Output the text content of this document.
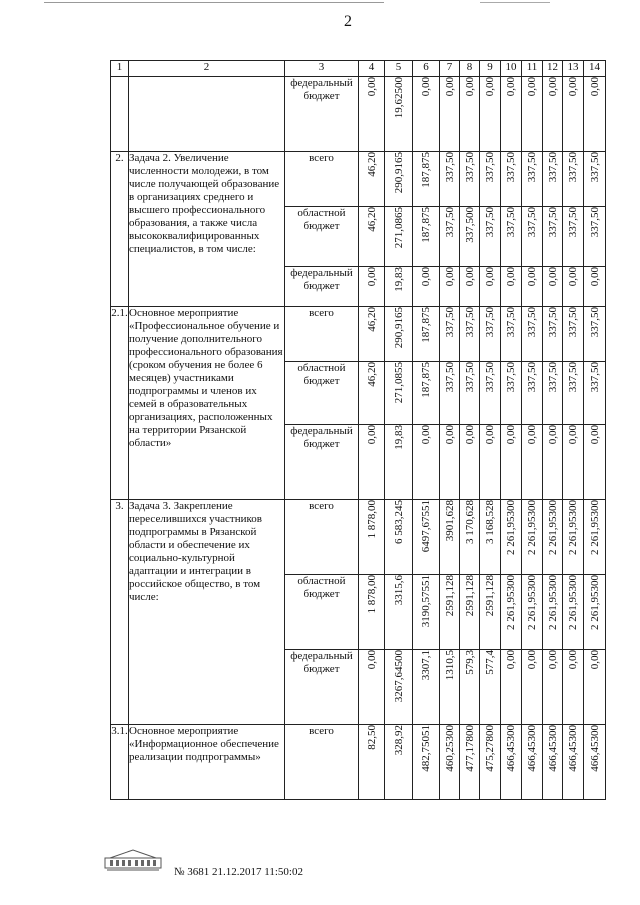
2
1	2	3	4	5	6	7	8	9	10	11	12	13	14
		федеральный бюджет	0,00	19,62500	0,00	0,00	0,00	0,00	0,00	0,00	0,00	0,00	0,00
2.	Задача 2. Увеличение численности молодежи, в том числе получающей образование в организациях среднего и высшего профессионального образования, а также числа высококвалифицированных специалистов, в том числе:	всего	46,20	290,9165	187,875	337,50	337,50	337,50	337,50	337,50	337,50	337,50	337,50
		областной бюджет	46,20	271,0865	187,875	337,50	337,500	337,50	337,50	337,50	337,50	337,50	337,50
		федеральный бюджет	0,00	19,83	0,00	0,00	0,00	0,00	0,00	0,00	0,00	0,00	0,00
2.1.	Основное мероприятие «Профессиональное обучение и получение дополнительного профессионального образования (сроком обучения не более 6 месяцев) участниками подпрограммы и членов их семей в образовательных организациях, расположенных на территории Рязанской области»	всего	46,20	290,9165	187,875	337,50	337,50	337,50	337,50	337,50	337,50	337,50	337,50
		областной бюджет	46,20	271,0855	187,875	337,50	337,50	337,50	337,50	337,50	337,50	337,50	337,50
		федеральный бюджет	0,00	19,83	0,00	0,00	0,00	0,00	0,00	0,00	0,00	0,00	0,00
3.	Задача 3. Закрепление переселившихся участников подпрограммы в Рязанской области и обеспечение их социально-культурной адаптации и интеграции в российское общество, в том числе:	всего	1 878,00	6 583,245	6497,67551	3901,628	3 170,628	3 168,528	2 261,95300	2 261,95300	2 261,95300	2 261,95300	2 261,95300
		областной бюджет	1 878,00	3315,6	3190,57551	2591,128	2591,128	2591,128	2 261,95300	2 261,95300	2 261,95300	2 261,95300	2 261,95300
		федеральный бюджет	0,00	3267,64500	3307,1	1310,5	579,3	577,4	0,00	0,00	0,00	0,00	0,00
3.1.	Основное мероприятие «Информационное обеспечение реализации подпрограммы»	всего	82,50	328,92	482,75051	460,25300	477,17800	475,27800	466,45300	466,45300	466,45300	466,45300	466,45300
№ 3681 21.12.2017 11:50:02
